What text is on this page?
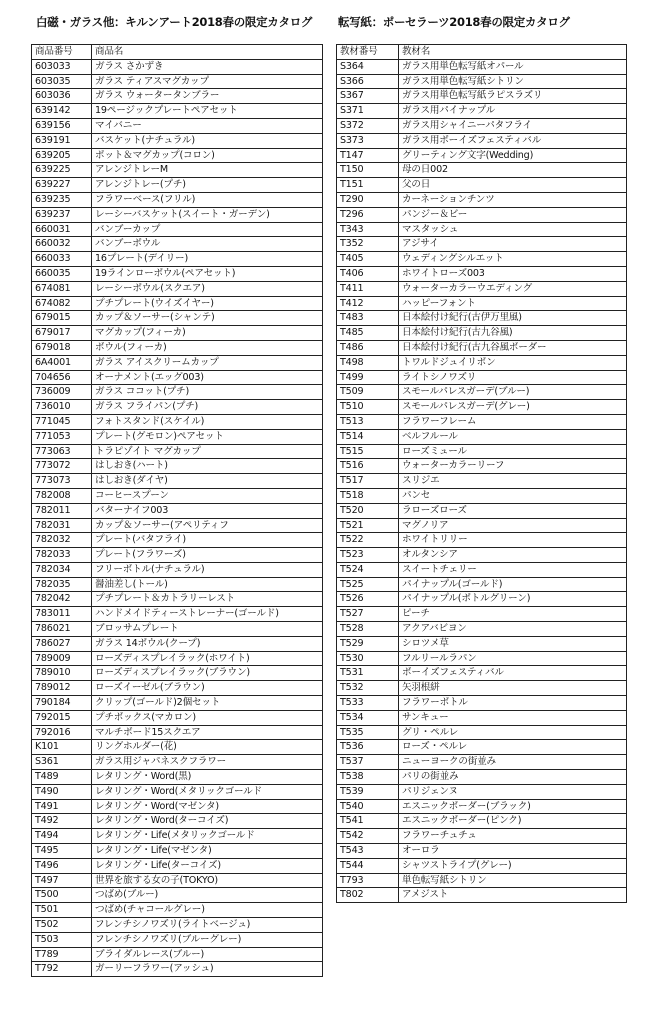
白磁・ガラス他：キルンアート2018春の限定カタログ 転写紙：ポーセラーツ2018春の限定カタログ
商品番号	商品名
603033	ガラス さかずき
603035	ガラス ティアスマグカップ
603036	ガラス ウォータータンブラー
639142	19ページックプレートペアセット
639156	マイバニー
639191	バスケット(ナチュラル)
639205	ポット＆マグカップ(コロン)
639225	アレンジトレーM
639227	アレンジトレー(プチ)
639235	フラワーベース(フリル)
639237	レーシーバスケット(スイート・ガーデン)
660031	バンブーカップ
660032	バンブーボウル
660033	16プレート(デイリー)
660035	19ラインローボウル(ペアセット)
674081	レーシーボウル(スクエア)
674082	プチプレート(ウイズイヤー)
679015	カップ＆ソーサー(シャンテ)
679017	マグカップ(フィーカ)
679018	ボウル(フィーカ)
6A4001	ガラス アイスクリームカップ
704656	オーナメント(エッグ003)
736009	ガラス ココット(プチ)
736010	ガラス フライパン(プチ)
771045	フォトスタンド(スケイル)
771053	プレート(グモロン)ペアセット
773063	トラピゾイト マグカップ
773072	はしおき(ハート)
773073	はしおき(ダイヤ)
782008	コーヒースプーン
782011	バターナイフ003
782031	カップ＆ソーサー(アペリティフ
782032	プレート(バタフライ)
782033	プレート(フラワーズ)
782034	フリーボトル(ナチュラル)
782035	醤油差し(トール)
782042	プチプレート＆カトラリーレスト
783011	ハンドメイドティーストレーナー(ゴールド)
786021	ブロッサムプレート
786027	ガラス 14ボウル(クープ)
789009	ローズディスプレイラック(ホワイト)
789010	ローズディスプレイラック(ブラウン)
789012	ローズイーゼル(ブラウン)
790184	クリップ(ゴールド)2個セット
792015	プチボックス(マカロン)
792016	マルチボード15スクエア
K101	リングホルダー(花)
S361	ガラス用ジャパネスクフラワー
T489	レタリング・Word(黒)
T490	レタリング・Word(メタリックゴールド
T491	レタリング・Word(マゼンタ)
T492	レタリング・Word(ターコイズ)
T494	レタリング・Life(メタリックゴールド
T495	レタリング・Life(マゼンタ)
T496	レタリング・Life(ターコイズ)
T497	世界を旅する女の子(TOKYO)
T500	つばめ(ブルー)
T501	つばめ(チャコールグレー)
T502	フレンチシノワズリ(ライトベージュ)
T503	フレンチシノワズリ(ブルーグレー)
T789	ブライダルレース(ブルー)
T792	ガーリーフラワー(アッシュ)
教材番号	教材名
S364	ガラス用単色転写紙オパール
S366	ガラス用単色転写紙シトリン
S367	ガラス用単色転写紙ラピスラズリ
S371	ガラス用パイナップル
S372	ガラス用シャイニーパタフライ
S373	ガラス用ボーイズフェスティバル
T147	グリーティング文字(Wedding)
T150	母の日002
T151	父の日
T290	カーネーションチンツ
T296	パンジー＆ビー
T343	マスタッシュ
T352	アジサイ
T405	ウェディングシルエット
T406	ホワイトローズ003
T411	ウォーターカラーウエディング
T412	ハッピーフォント
T483	日本絵付け紀行(古伊万里風)
T485	日本絵付け紀行(古九谷風)
T486	日本絵付け紀行(古九谷風ボーダー
T498	トワルドジュイリボン
T499	ライトシノワズリ
T509	スモールパレスガーデ(ブルー)
T510	スモールパレスガーデ(グレー)
T513	フラワーフレーム
T514	ベルフルール
T515	ローズミュール
T516	ウォーターカラーリーフ
T517	スリジエ
T518	パンセ
T520	ラローズローズ
T521	マグノリア
T522	ホワイトリリー
T523	オルタンシア
T524	スイートチェリー
T525	パイナップル(ゴールド)
T526	パイナップル(ボトルグリーン)
T527	ピーチ
T528	アクアバビヨン
T529	シロツメ草
T530	フルリールラパン
T531	ボーイズフェスティバル
T532	矢羽根絣
T533	フラワーボトル
T534	サンキュー
T535	グリ・ペルレ
T536	ローズ・ペルレ
T537	ニューヨークの街並み
T538	パリの街並み
T539	パリジェンヌ
T540	エスニックボーダー(ブラック)
T541	エスニックボーダー(ピンク)
T542	フラワーチュチュ
T543	オーロラ
T544	シャツストライプ(グレー)
T793	単色転写紙シトリン
T802	アメジスト
